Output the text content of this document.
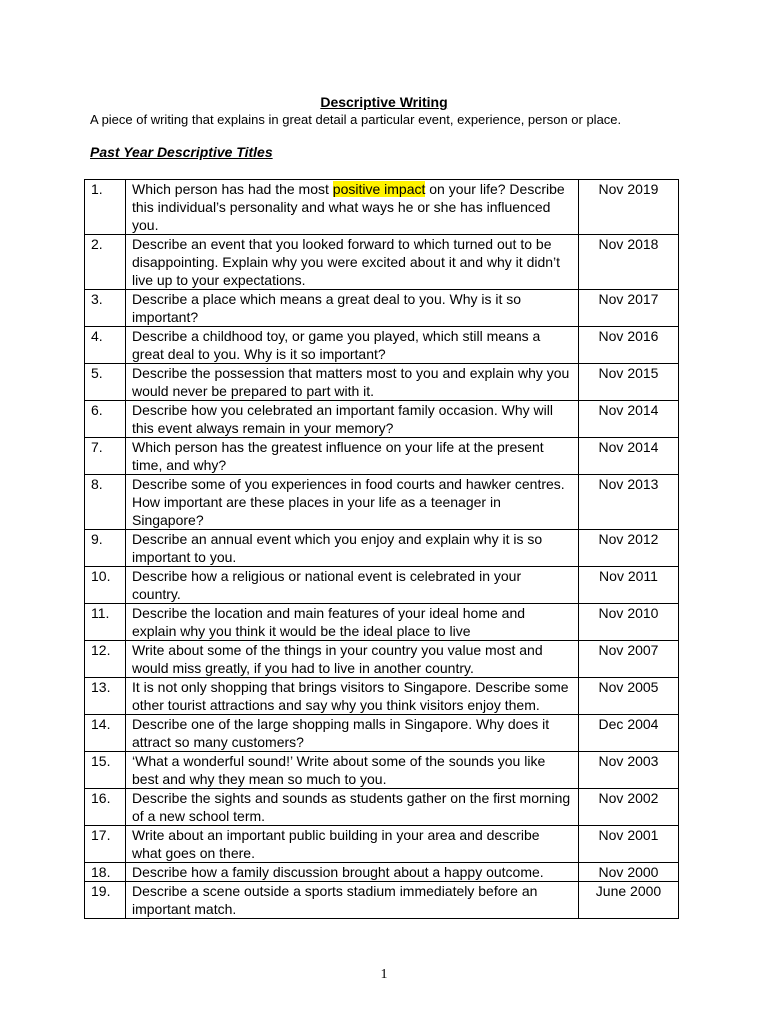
Descriptive Writing
A piece of writing that explains in great detail a particular event, experience, person or place.
Past Year Descriptive Titles
1.	Which person has had the most positive impact on your life? Describe this individual’s personality and what ways he or she has influenced you.	Nov 2019
2.	Describe an event that you looked forward to which turned out to be disappointing. Explain why you were excited about it and why it didn’t live up to your expectations.	Nov 2018
3.	Describe a place which means a great deal to you. Why is it so important?	Nov 2017
4.	Describe a childhood toy, or game you played, which still means a great deal to you. Why is it so important?	Nov 2016
5.	Describe the possession that matters most to you and explain why you would never be prepared to part with it.	Nov 2015
6.	Describe how you celebrated an important family occasion. Why will this event always remain in your memory?	Nov 2014
7.	Which person has the greatest influence on your life at the present time, and why?	Nov 2014
8.	Describe some of you experiences in food courts and hawker centres. How important are these places in your life as a teenager in Singapore?	Nov 2013
9.	Describe an annual event which you enjoy and explain why it is so important to you.	Nov 2012
10.	Describe how a religious or national event is celebrated in your country.	Nov 2011
11.	Describe the location and main features of your ideal home and explain why you think it would be the ideal place to live	Nov 2010
12.	Write about some of the things in your country you value most and would miss greatly, if you had to live in another country.	Nov 2007
13.	It is not only shopping that brings visitors to Singapore. Describe some other tourist attractions and say why you think visitors enjoy them.	Nov 2005
14.	Describe one of the large shopping malls in Singapore. Why does it attract so many customers?	Dec 2004
15.	‘What a wonderful sound!’ Write about some of the sounds you like best and why they mean so much to you.	Nov 2003
16.	Describe the sights and sounds as students gather on the first morning of a new school term.	Nov 2002
17.	Write about an important public building in your area and describe what goes on there.	Nov 2001
18.	Describe how a family discussion brought about a happy outcome.	Nov 2000
19.	Describe a scene outside a sports stadium immediately before an important match.	June 2000
1
